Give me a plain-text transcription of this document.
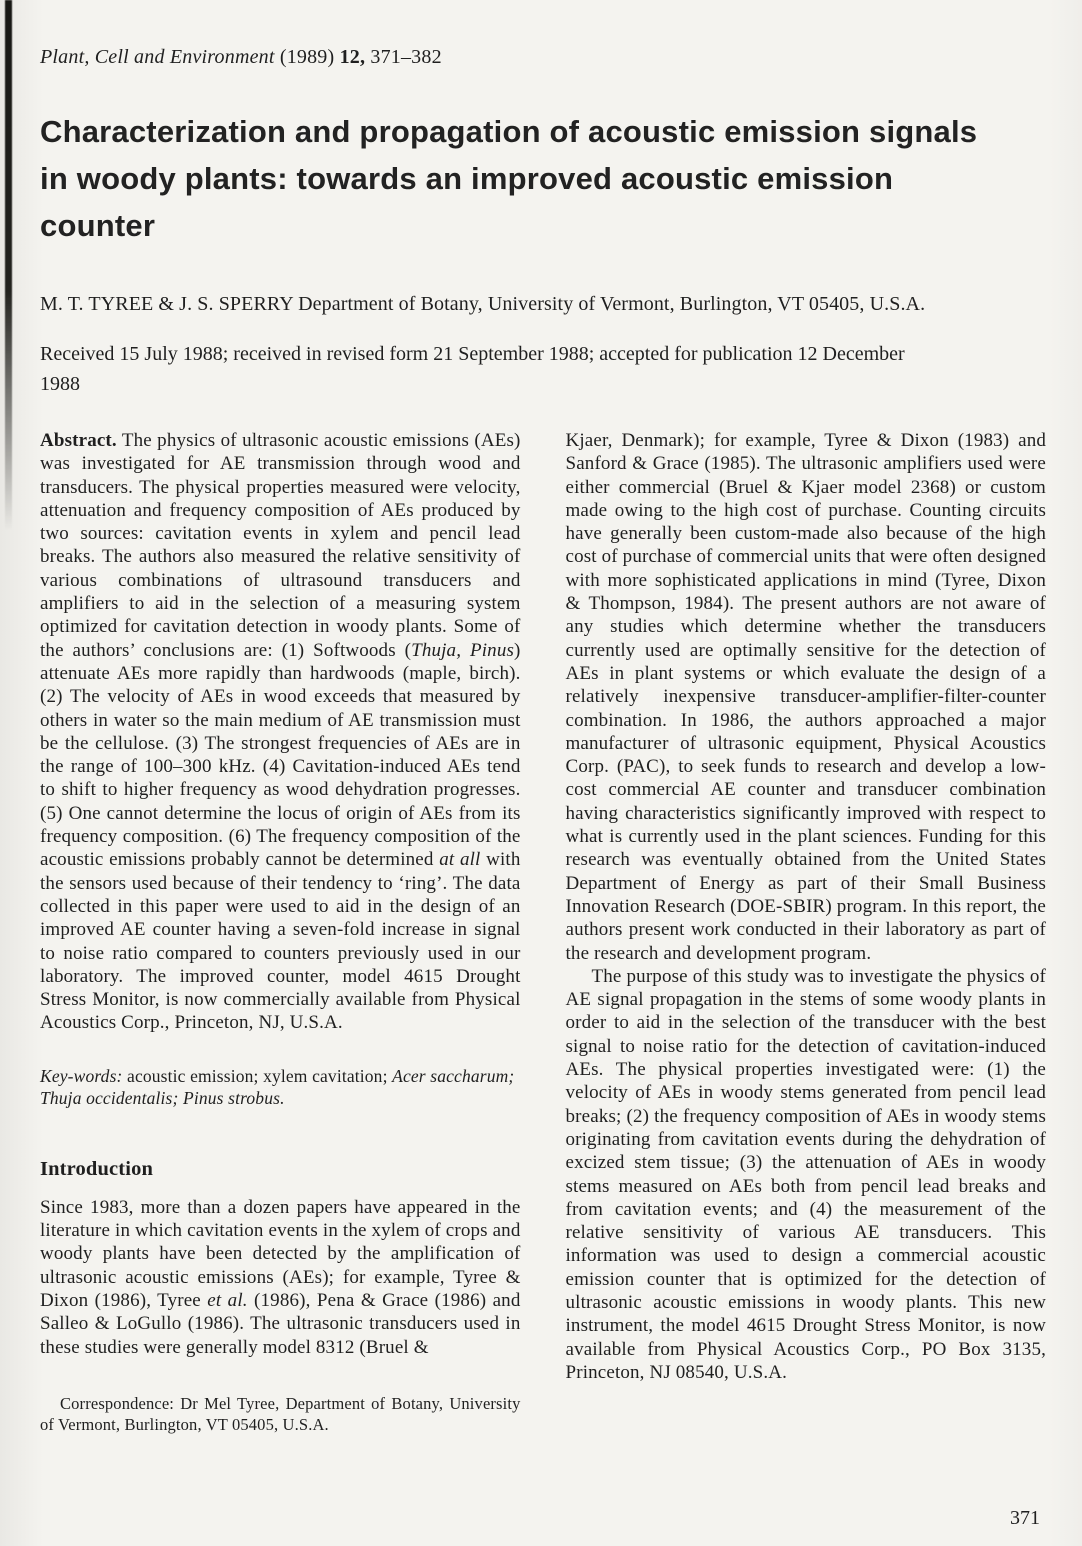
Plant, Cell and Environment (1989) 12, 371–382
Characterization and propagation of acoustic emission signals in woody plants: towards an improved acoustic emission counter
M. T. TYREE & J. S. SPERRY Department of Botany, University of Vermont, Burlington, VT 05405, U.S.A.
Received 15 July 1988; received in revised form 21 September 1988; accepted for publication 12 December 1988

Abstract. The physics of ultrasonic acoustic emissions (AEs) was investigated for AE transmission through wood and transducers. The physical properties measured were velocity, attenuation and frequency composition of AEs produced by two sources: cavitation events in xylem and pencil lead breaks. The authors also measured the relative sensitivity of various combinations of ultrasound transducers and amplifiers to aid in the selection of a measuring system optimized for cavitation detection in woody plants. Some of the authors’ conclusions are: (1) Softwoods (Thuja, Pinus) attenuate AEs more rapidly than hardwoods (maple, birch). (2) The velocity of AEs in wood exceeds that measured by others in water so the main medium of AE transmission must be the cellulose. (3) The strongest frequencies of AEs are in the range of 100–300 kHz. (4) Cavitation-induced AEs tend to shift to higher frequency as wood dehydration progresses. (5) One cannot determine the locus of origin of AEs from its frequency composition. (6) The frequency composition of the acoustic emissions probably cannot be determined at all with the sensors used because of their tendency to ‘ring’. The data collected in this paper were used to aid in the design of an improved AE counter having a seven-fold increase in signal to noise ratio compared to counters previously used in our laboratory. The improved counter, model 4615 Drought Stress Monitor, is now commercially available from Physical Acoustics Corp., Princeton, NJ, U.S.A.

Key-words: acoustic emission; xylem cavitation; Acer saccharum; Thuja occidentalis; Pinus strobus.

Introduction

Since 1983, more than a dozen papers have appeared in the literature in which cavitation events in the xylem of crops and woody plants have been detected by the amplification of ultrasonic acoustic emissions (AEs); for example, Tyree & Dixon (1986), Tyree et al. (1986), Pena & Grace (1986) and Salleo & LoGullo (1986). The ultrasonic transducers used in these studies were generally model 8312 (Bruel &

Correspondence: Dr Mel Tyree, Department of Botany, University of Vermont, Burlington, VT 05405, U.S.A.

Kjaer, Denmark); for example, Tyree & Dixon (1983) and Sanford & Grace (1985). The ultrasonic amplifiers used were either commercial (Bruel & Kjaer model 2368) or custom made owing to the high cost of purchase. Counting circuits have generally been custom-made also because of the high cost of purchase of commercial units that were often designed with more sophisticated applications in mind (Tyree, Dixon & Thompson, 1984). The present authors are not aware of any studies which determine whether the transducers currently used are optimally sensitive for the detection of AEs in plant systems or which evaluate the design of a relatively inexpensive transducer-amplifier-filter-counter combination. In 1986, the authors approached a major manufacturer of ultrasonic equipment, Physical Acoustics Corp. (PAC), to seek funds to research and develop a low-cost commercial AE counter and transducer combination having characteristics significantly improved with respect to what is currently used in the plant sciences. Funding for this research was eventually obtained from the United States Department of Energy as part of their Small Business Innovation Research (DOE-SBIR) program. In this report, the authors present work conducted in their laboratory as part of the research and development program.

The purpose of this study was to investigate the physics of AE signal propagation in the stems of some woody plants in order to aid in the selection of the transducer with the best signal to noise ratio for the detection of cavitation-induced AEs. The physical properties investigated were: (1) the velocity of AEs in woody stems generated from pencil lead breaks; (2) the frequency composition of AEs in woody stems originating from cavitation events during the dehydration of excized stem tissue; (3) the attenuation of AEs in woody stems measured on AEs both from pencil lead breaks and from cavitation events; and (4) the measurement of the relative sensitivity of various AE transducers. This information was used to design a commercial acoustic emission counter that is optimized for the detection of ultrasonic acoustic emissions in woody plants. This new instrument, the model 4615 Drought Stress Monitor, is now available from Physical Acoustics Corp., PO Box 3135, Princeton, NJ 08540, U.S.A.

371
